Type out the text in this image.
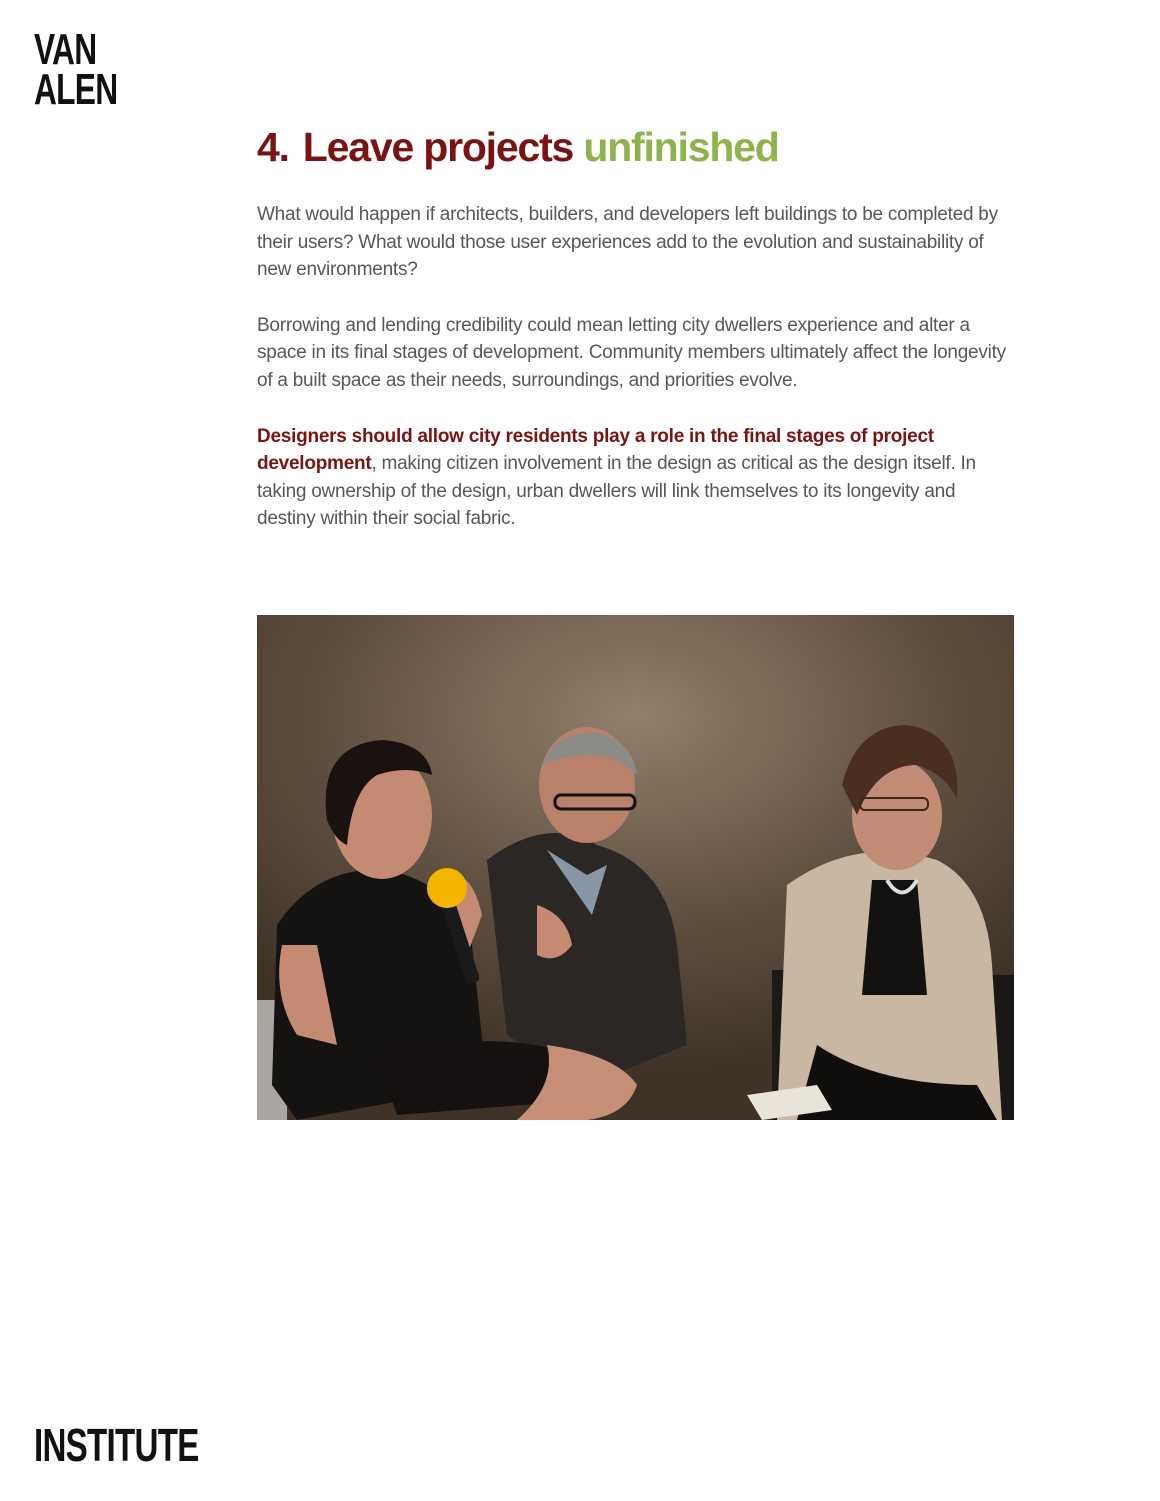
VAN
ALEN
4. Leave projects unfinished

What would happen if architects, builders, and developers left buildings to be completed by their users? What would those user experiences add to the evolution and sustainability of new environments?

Borrowing and lending credibility could mean letting city dwellers experience and alter a space in its final stages of development. Community members ultimately affect the longevity of a built space as their needs, surroundings, and priorities evolve.

Designers should allow city residents play a role in the final stages of project development, making citizen involvement in the design as critical as the design itself. In taking ownership of the design, urban dwellers will link themselves to its longevity and destiny within their social fabric.

INSTITUTE
